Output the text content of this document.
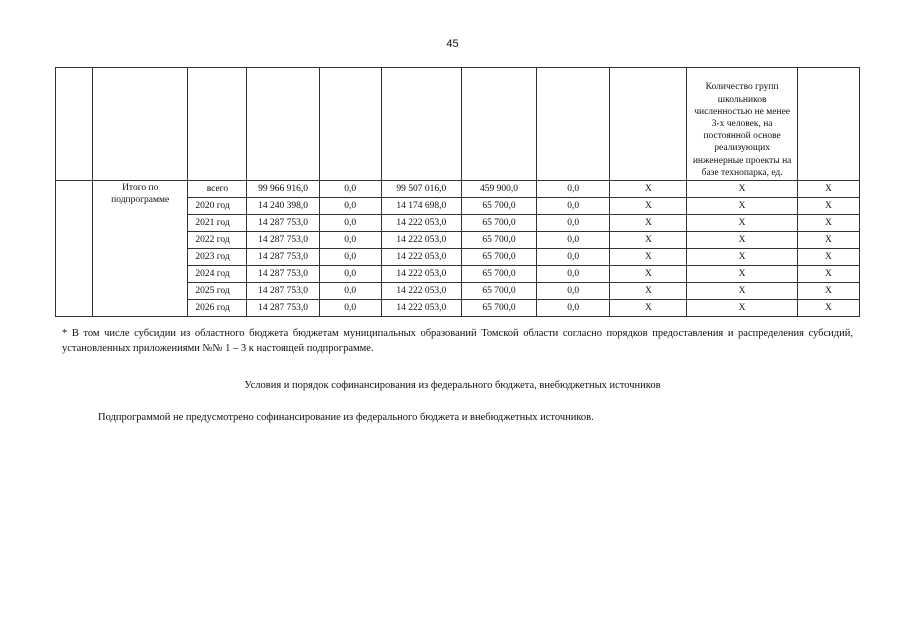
45
									Количество групп школьников численностью не менее 3-х человек, на постоянной основе реализующих инженерные проекты на базе технопарка, ед.	
	Итого по подпрограмме	всего	99 966 916,0	0,0	99 507 016,0	459 900,0	0,0	X	X	X
		2020 год	14 240 398,0	0,0	14 174 698,0	65 700,0	0,0	X	X	X
		2021 год	14 287 753,0	0,0	14 222 053,0	65 700,0	0,0	X	X	X
		2022 год	14 287 753,0	0,0	14 222 053,0	65 700,0	0,0	X	X	X
		2023 год	14 287 753,0	0,0	14 222 053,0	65 700,0	0,0	X	X	X
		2024 год	14 287 753,0	0,0	14 222 053,0	65 700,0	0,0	X	X	X
		2025 год	14 287 753,0	0,0	14 222 053,0	65 700,0	0,0	X	X	X
		2026 год	14 287 753,0	0,0	14 222 053,0	65 700,0	0,0	X	X	X
* В том числе субсидии из областного бюджета бюджетам муниципальных образований Томской области согласно порядков предоставления и распределения субсидий, установленных приложениями №№ 1 – 3 к настоящей подпрограмме.
Условия и порядок софинансирования из федерального бюджета, внебюджетных источников
Подпрограммой не предусмотрено софинансирование из федерального бюджета и внебюджетных источников.
